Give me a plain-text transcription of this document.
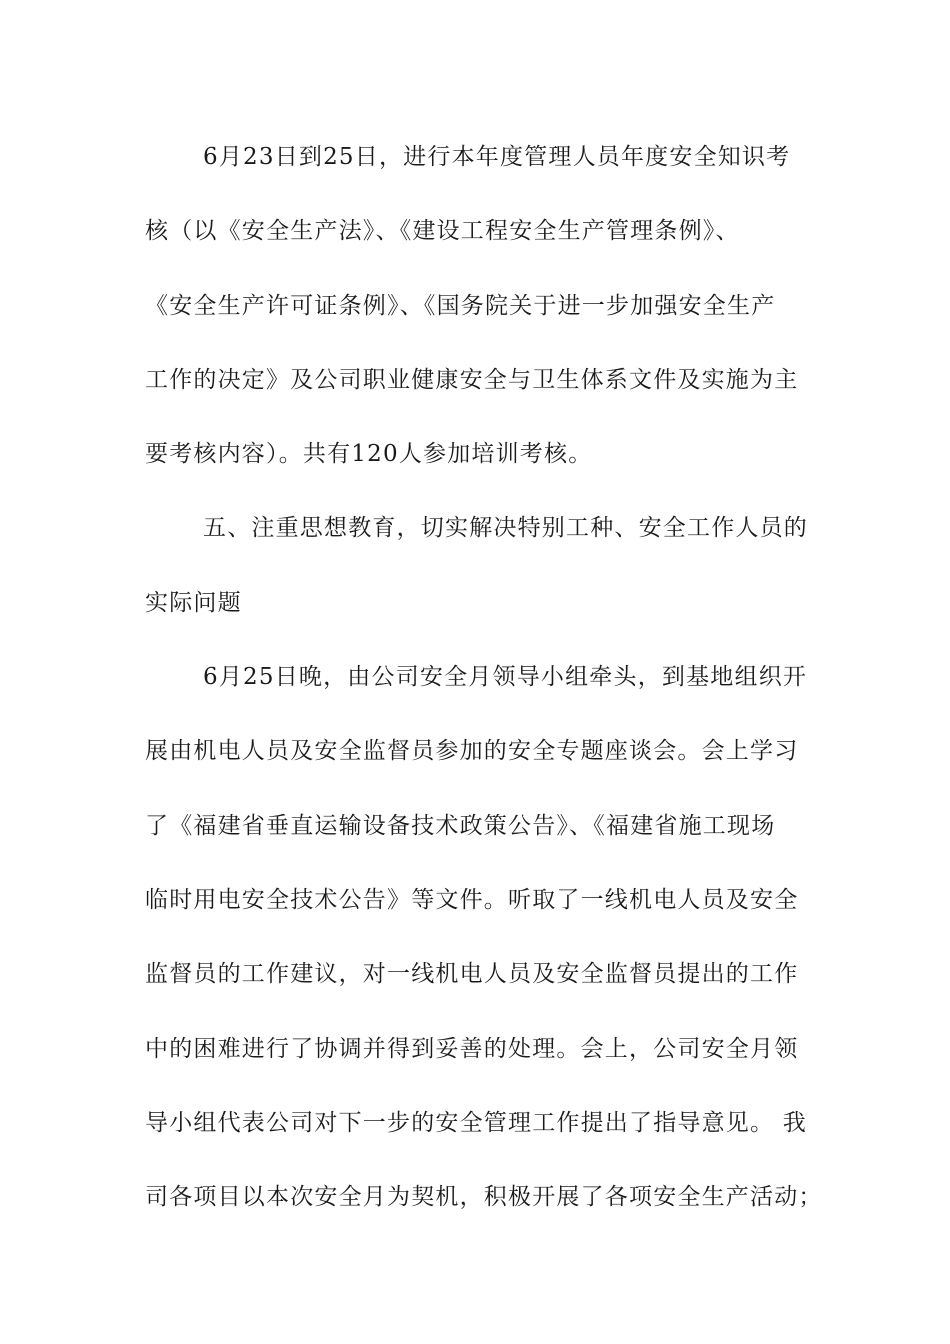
6月23日到25日，进行本年度管理人员年度安全知识考
核（以《安全生产法》、《建设工程安全生产管理条例》、
《安全生产许可证条例》、《国务院关于进一步加强安全生产
工作的决定》及公司职业健康安全与卫生体系文件及实施为主
要考核内容）。共有120人参加培训考核。
五、注重思想教育，切实解决特别工种、安全工作人员的
实际问题
6月25日晚，由公司安全月领导小组牵头，到基地组织开
展由机电人员及安全监督员参加的安全专题座谈会。会上学习
了《福建省垂直运输设备技术政策公告》、《福建省施工现场
临时用电安全技术公告》等文件。听取了一线机电人员及安全
监督员的工作建议，对一线机电人员及安全监督员提出的工作
中的困难进行了协调并得到妥善的处理。会上，公司安全月领
导小组代表公司对下一步的安全管理工作提出了指导意见。 我
司各项目以本次安全月为契机，积极开展了各项安全生产活动；
